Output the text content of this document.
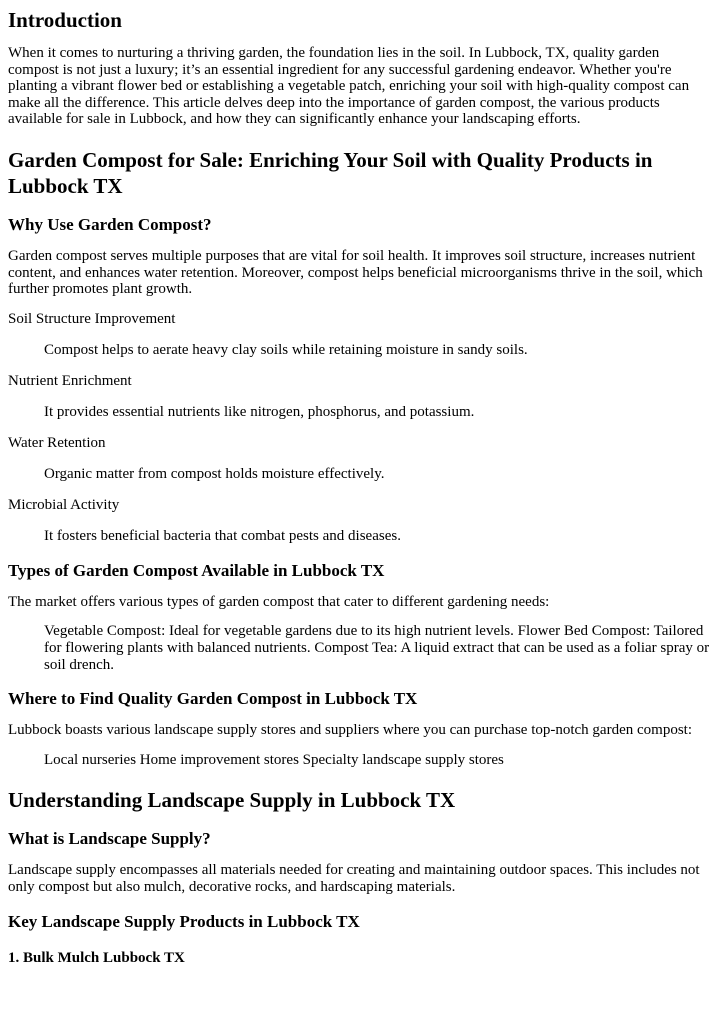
Introduction

When it comes to nurturing a thriving garden, the foundation lies in the soil. In Lubbock, TX, quality garden compost is not just a luxury; it’s an essential ingredient for any successful gardening endeavor. Whether you're planting a vibrant flower bed or establishing a vegetable patch, enriching your soil with high-quality compost can make all the difference. This article delves deep into the importance of garden compost, the various products available for sale in Lubbock, and how they can significantly enhance your landscaping efforts.

Garden Compost for Sale: Enriching Your Soil with Quality Products in Lubbock TX
Why Use Garden Compost?

Garden compost serves multiple purposes that are vital for soil health. It improves soil structure, increases nutrient content, and enhances water retention. Moreover, compost helps beneficial microorganisms thrive in the soil, which further promotes plant growth.

Soil Structure Improvement
Compost helps to aerate heavy clay soils while retaining moisture in sandy soils.
Nutrient Enrichment
It provides essential nutrients like nitrogen, phosphorus, and potassium.
Water Retention
Organic matter from compost holds moisture effectively.
Microbial Activity
It fosters beneficial bacteria that combat pests and diseases.
Types of Garden Compost Available in Lubbock TX

The market offers various types of garden compost that cater to different gardening needs:

Vegetable Compost: Ideal for vegetable gardens due to its high nutrient levels. Flower Bed Compost: Tailored for flowering plants with balanced nutrients. Compost Tea: A liquid extract that can be used as a foliar spray or soil drench.
Where to Find Quality Garden Compost in Lubbock TX

Lubbock boasts various landscape supply stores and suppliers where you can purchase top-notch garden compost:

Local nurseries Home improvement stores Specialty landscape supply stores
Understanding Landscape Supply in Lubbock TX
What is Landscape Supply?

Landscape supply encompasses all materials needed for creating and maintaining outdoor spaces. This includes not only compost but also mulch, decorative rocks, and hardscaping materials.

Key Landscape Supply Products in Lubbock TX
1. Bulk Mulch Lubbock TX
